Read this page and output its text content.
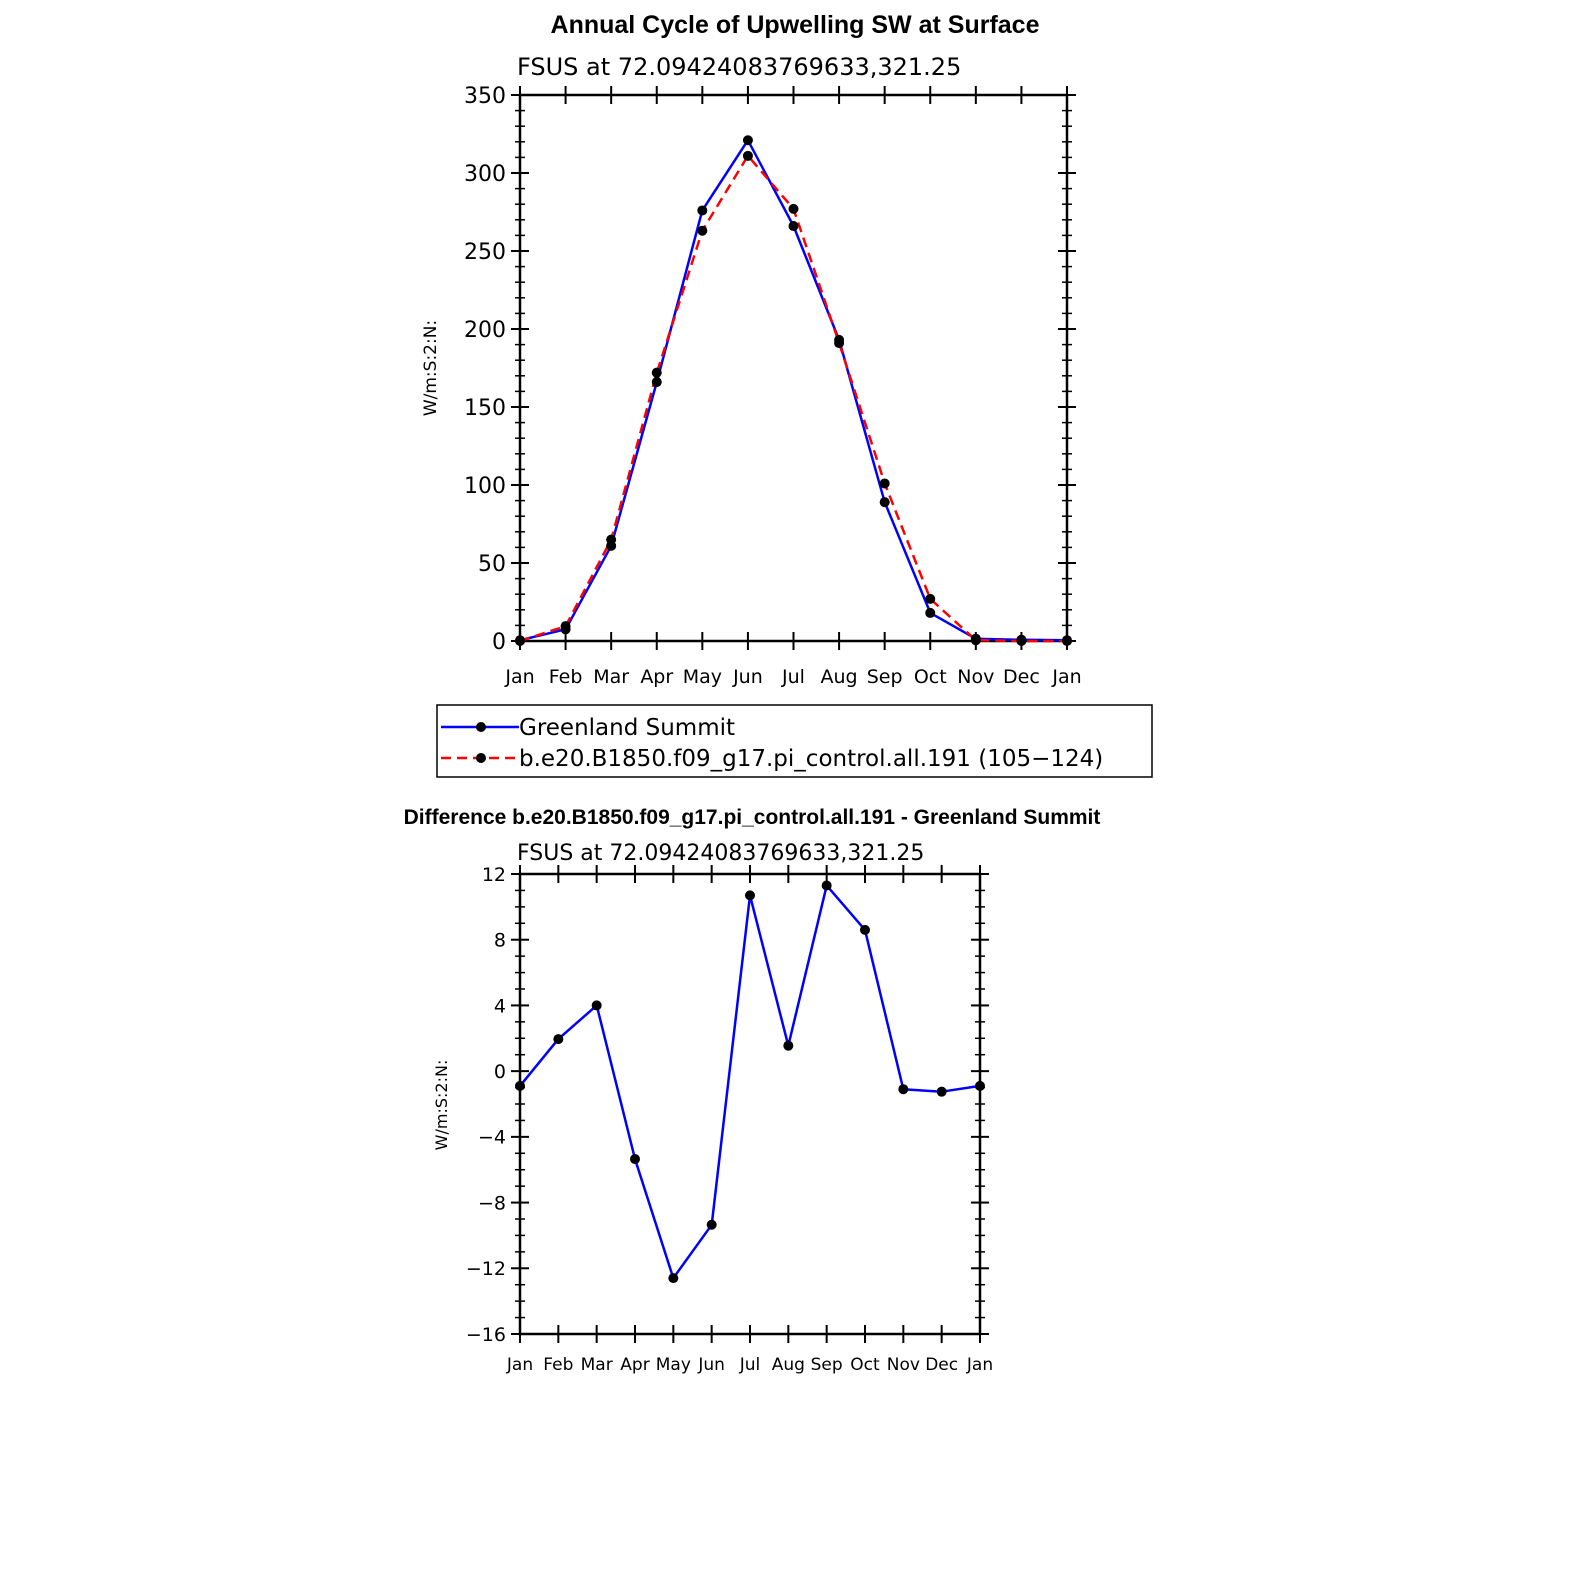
Annual Cycle of Upwelling SW at Surface
FSUS at 72.09424083769633,321.25
W/m:S:2:N:
0
50
100
150
200
250
300
350
Jan Feb Mar Apr May Jun Jul Aug Sep Oct Nov Dec Jan
Greenland Summit
b.e20.B1850.f09_g17.pi_control.all.191 (105−124)
Difference b.e20.B1850.f09_g17.pi_control.all.191 - Greenland Summit
FSUS at 72.09424083769633,321.25
W/m:S:2:N:
−16
−12
−8
−4
0
4
8
12
Jan Feb Mar Apr May Jun Jul Aug Sep Oct Nov Dec Jan
